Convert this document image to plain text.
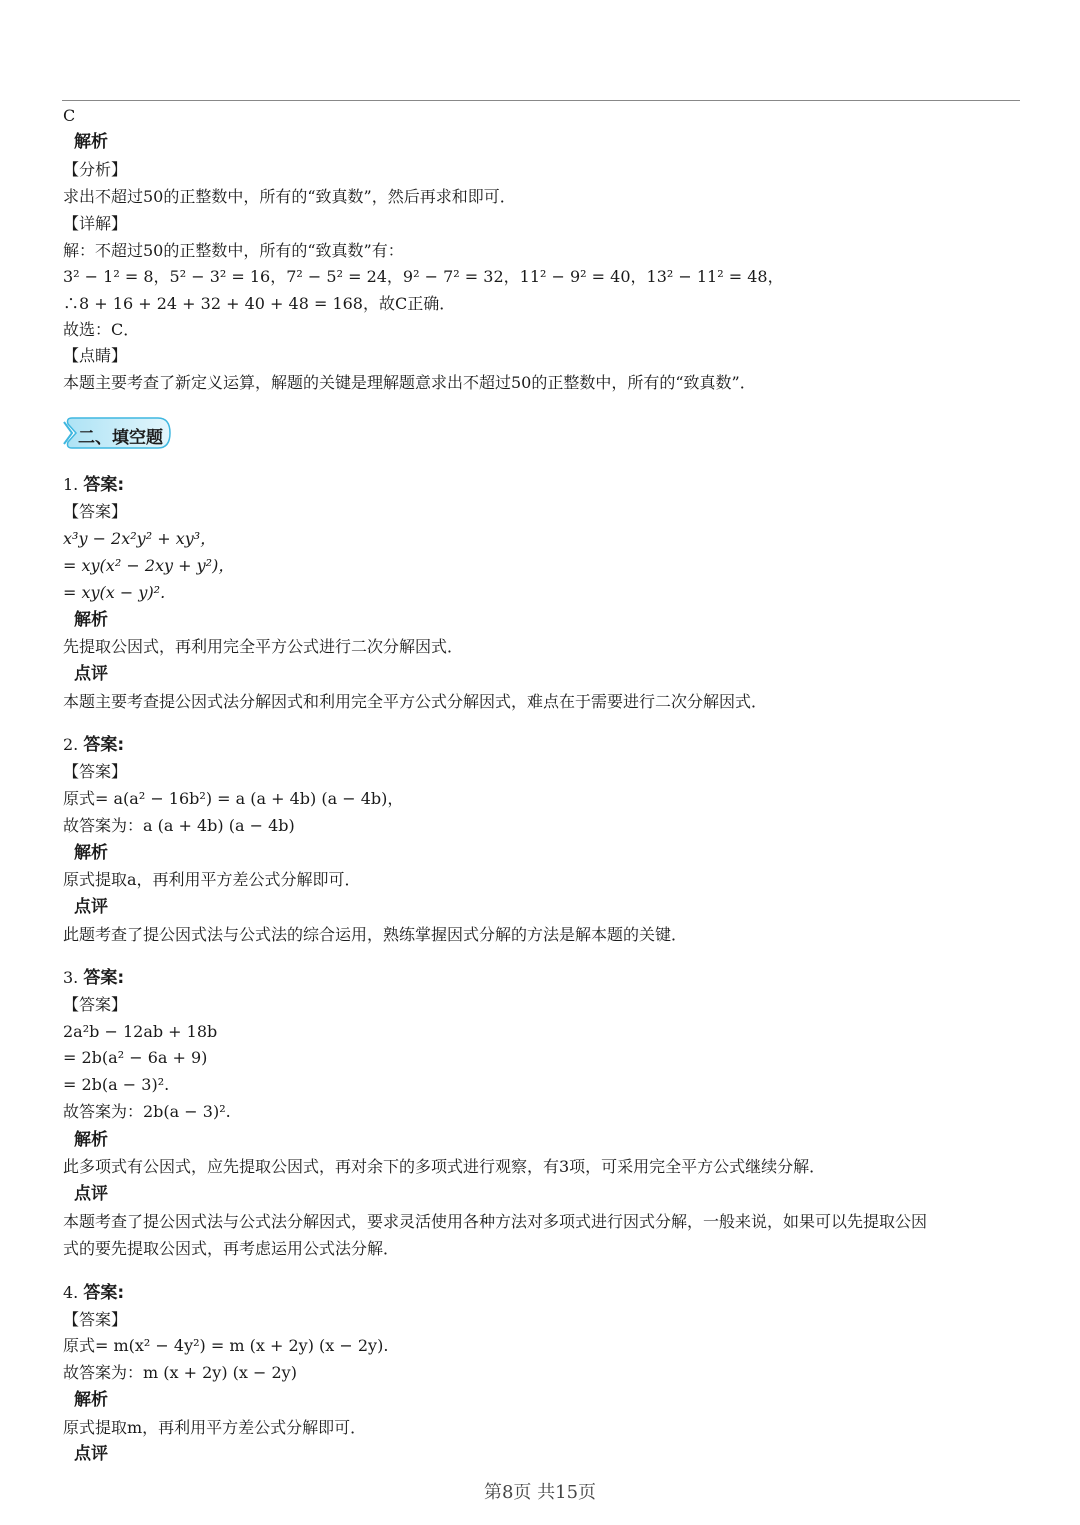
C
解析
【分析】
求出不超过50的正整数中，所有的“致真数”，然后再求和即可．
【详解】
解：不超过50的正整数中，所有的“致真数”有：
3² − 1² = 8，5² − 3² = 16，7² − 5² = 24，9² − 7² = 32，11² − 9² = 40，13² − 11² = 48，
∴8 + 16 + 24 + 32 + 40 + 48 = 168，故C正确．
故选：C．
【点睛】
本题主要考查了新定义运算，解题的关键是理解题意求出不超过50的正整数中，所有的“致真数”．
二、填空题
1. 答案:
【答案】
x³y − 2x²y² + xy³，
= xy(x² − 2xy + y²)，
= xy(x − y)².
解析
先提取公因式，再利用完全平方公式进行二次分解因式．
点评
本题主要考查提公因式法分解因式和利用完全平方公式分解因式，难点在于需要进行二次分解因式．
2. 答案:
【答案】
原式= a(a² − 16b²) = a (a + 4b) (a − 4b)，
故答案为：a (a + 4b) (a − 4b)
解析
原式提取a，再利用平方差公式分解即可．
点评
此题考查了提公因式法与公式法的综合运用，熟练掌握因式分解的方法是解本题的关键．
3. 答案:
【答案】
2a²b − 12ab + 18b
= 2b(a² − 6a + 9)
= 2b(a − 3)².
故答案为：2b(a − 3)².
解析
此多项式有公因式，应先提取公因式，再对余下的多项式进行观察，有3项，可采用完全平方公式继续分解．
点评
本题考查了提公因式法与公式法分解因式，要求灵活使用各种方法对多项式进行因式分解，一般来说，如果可以先提取公因
式的要先提取公因式，再考虑运用公式法分解．
4. 答案:
【答案】
原式= m(x² − 4y²) = m (x + 2y) (x − 2y).
故答案为：m (x + 2y) (x − 2y)
解析
原式提取m，再利用平方差公式分解即可．
点评
第8页 共15页
